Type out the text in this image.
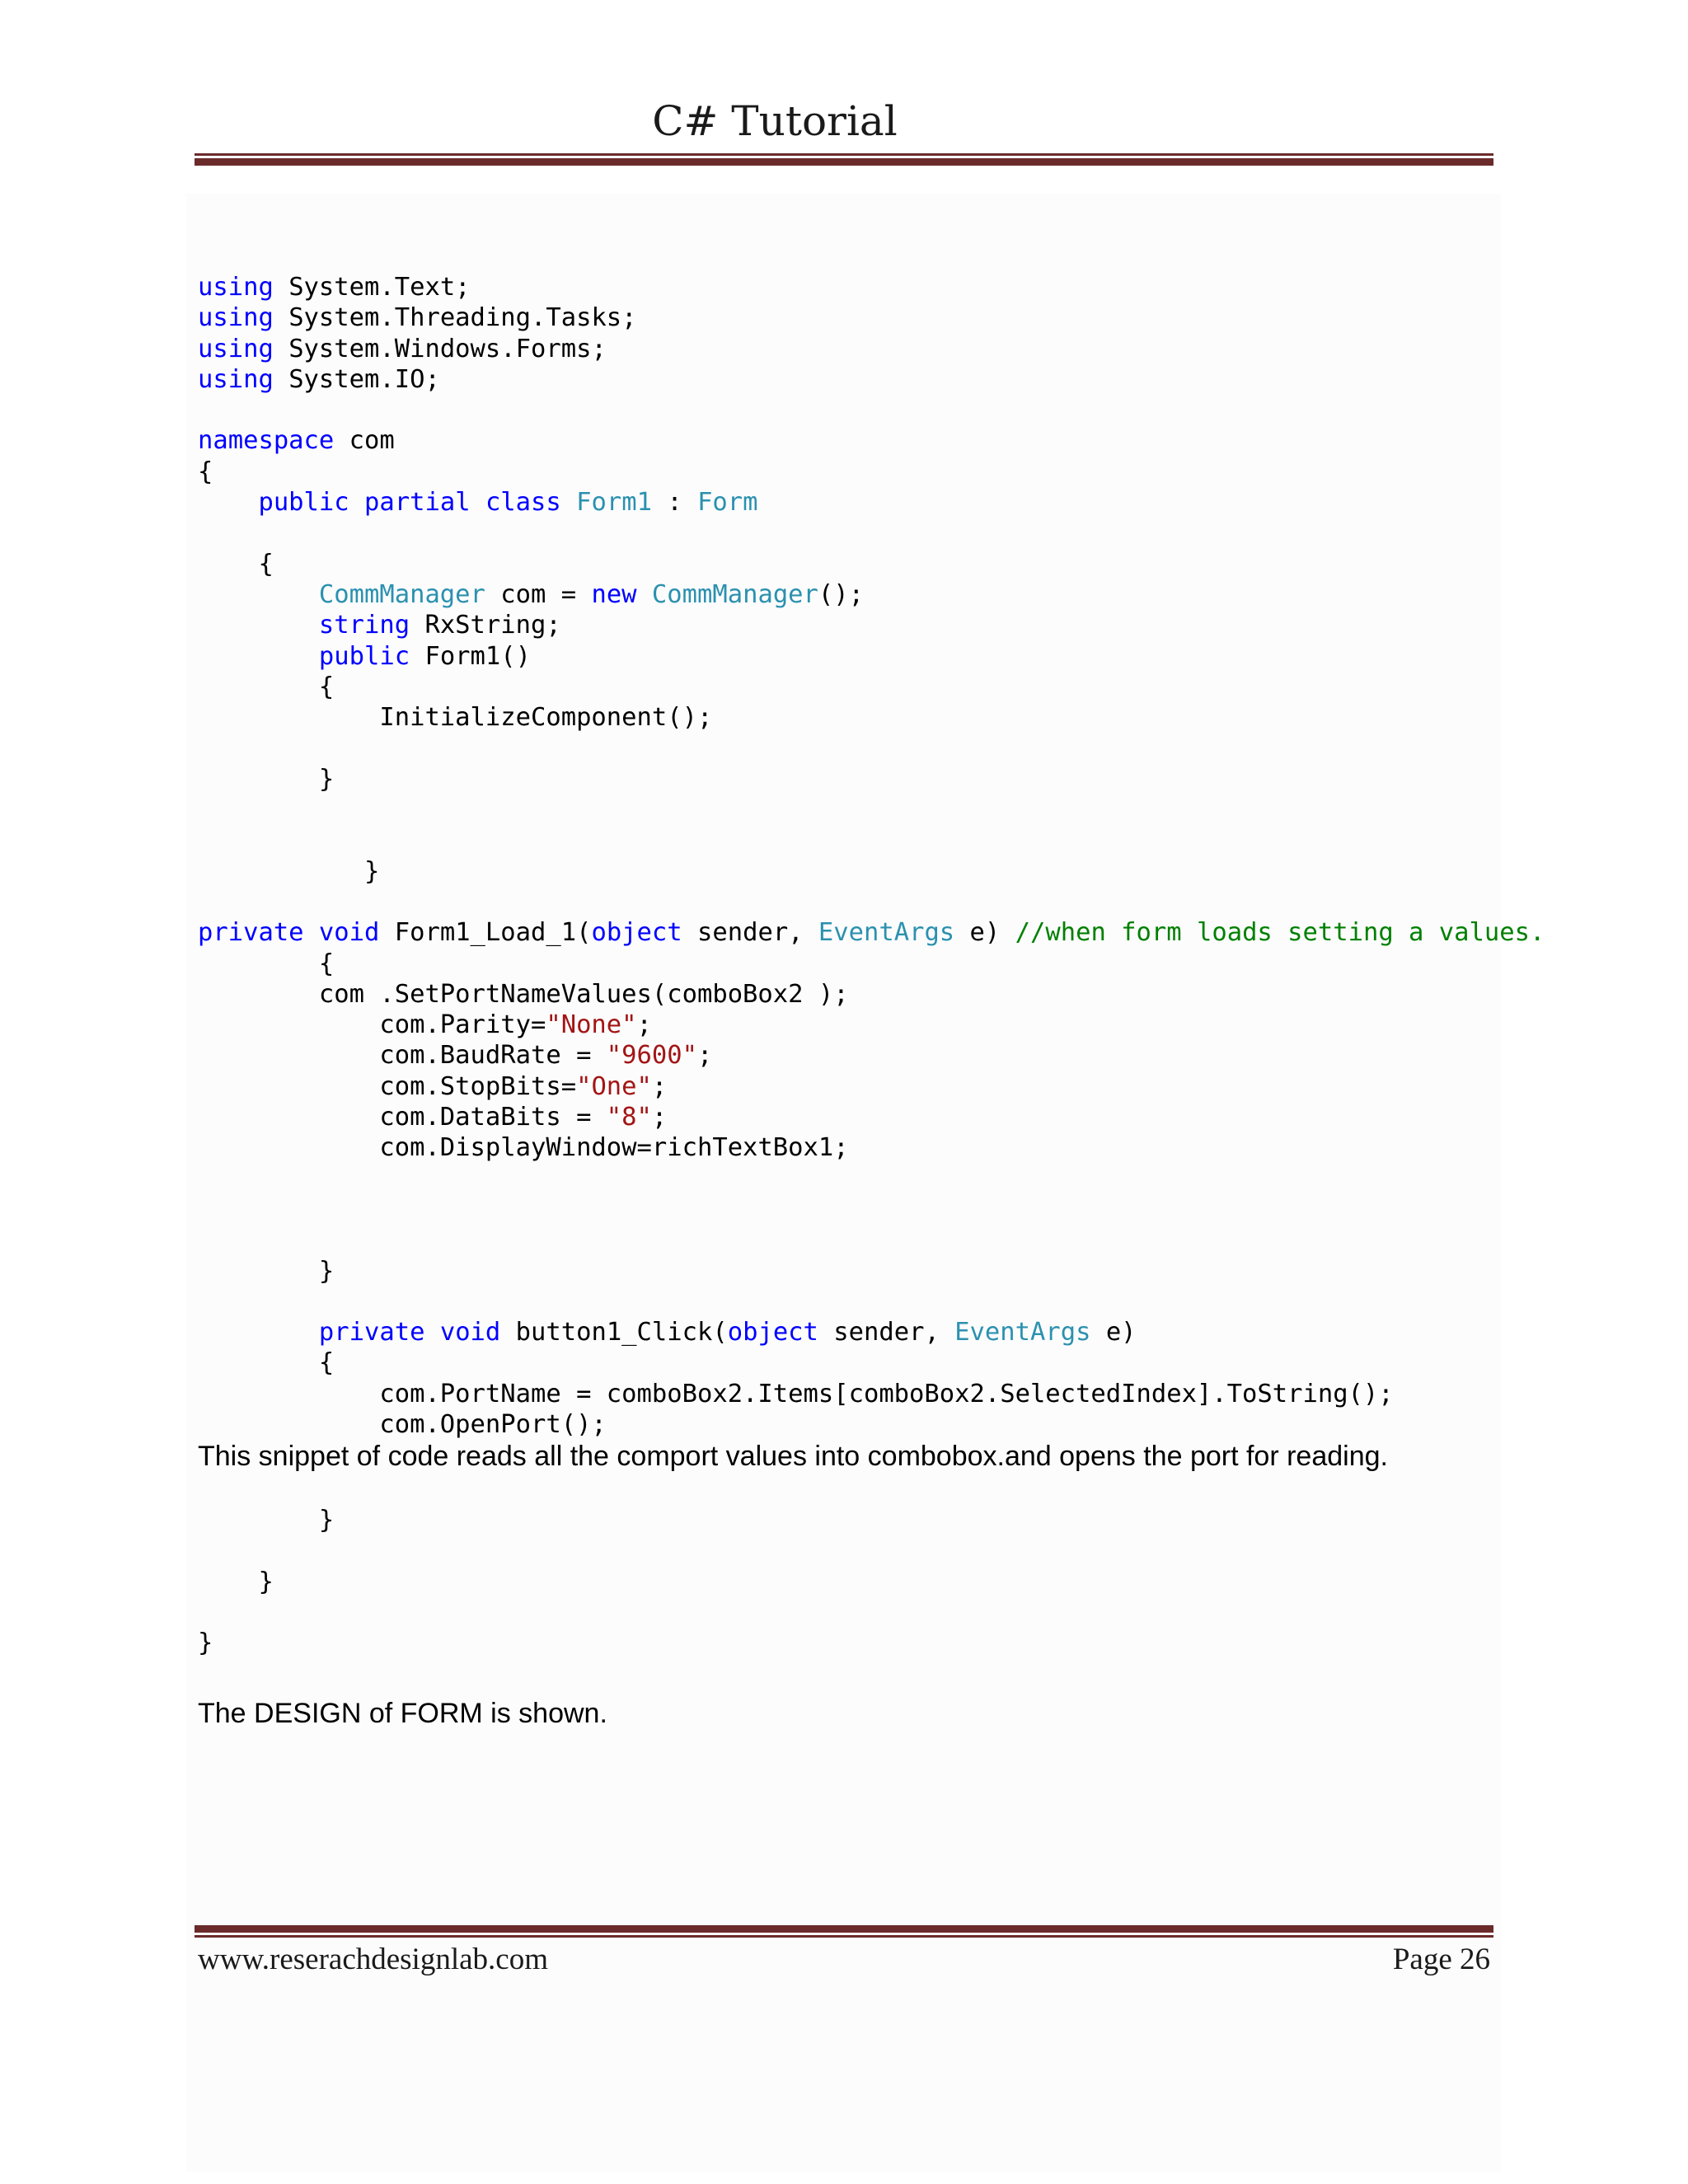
C# Tutorial
using System.Text;
using System.Threading.Tasks;
using System.Windows.Forms;
using System.IO;

namespace com
{
public partial class Form1 : Form

{
CommManager com = new CommManager();
string RxString;
public Form1()
{
InitializeComponent();

}

}

private void Form1_Load_1(object sender, EventArgs e) //when form loads setting a values.
{
com .SetPortNameValues(comboBox2 );
com.Parity="None";
com.BaudRate = "9600";
com.StopBits="One";
com.DataBits = "8";
com.DisplayWindow=richTextBox1;

}

private void button1_Click(object sender, EventArgs e)
{
com.PortName = comboBox2.Items[comboBox2.SelectedIndex].ToString();
com.OpenPort();

This snippet of code reads all the comport values into combobox.and opens the port for reading.

}

}

}

The DESIGN of FORM is shown.

www.reserachdesignlab.com	Page 26
